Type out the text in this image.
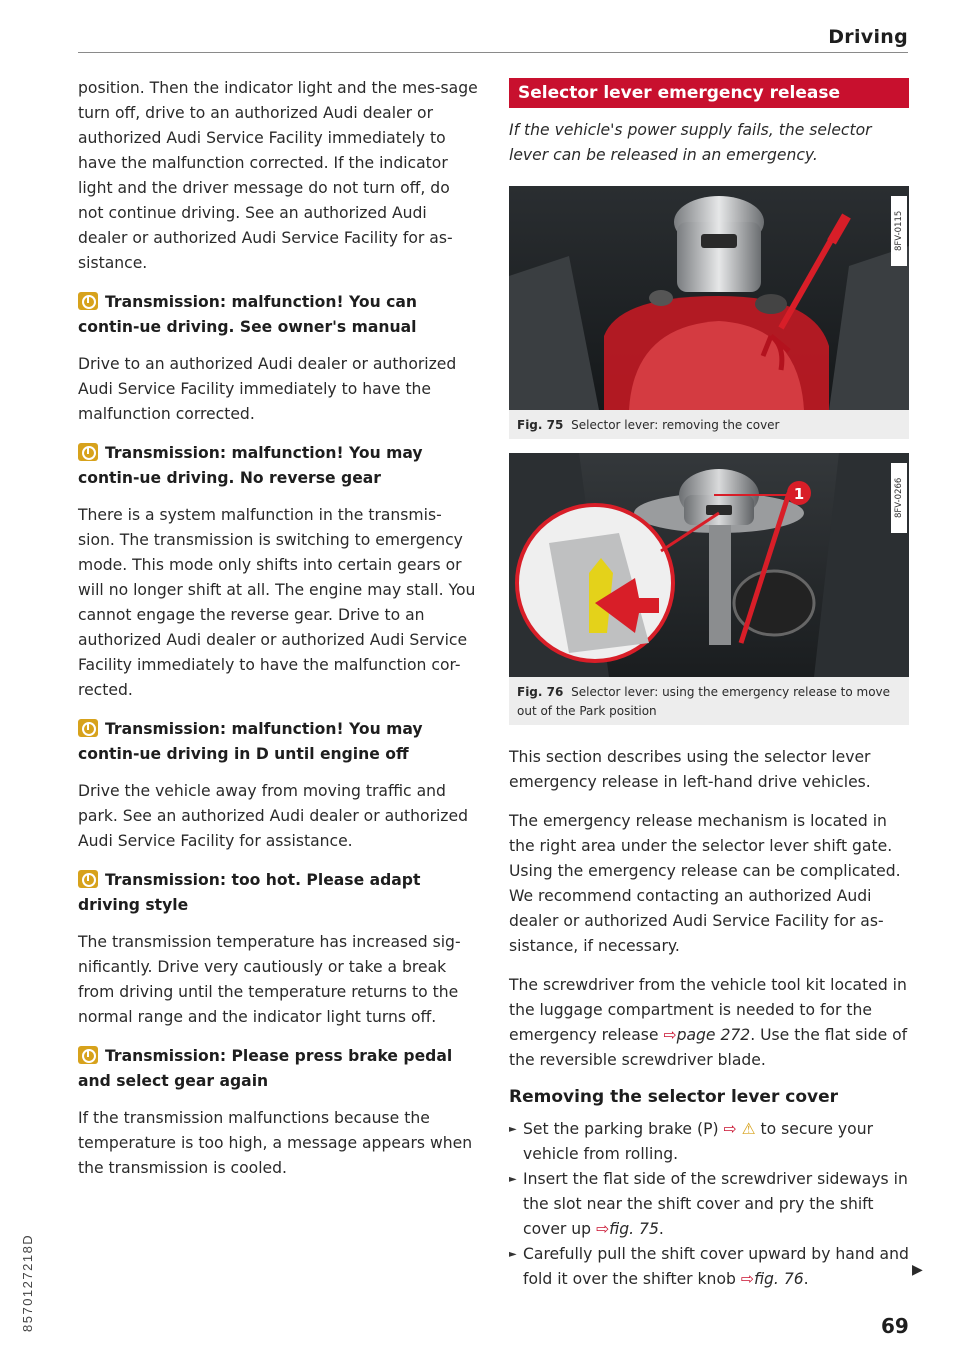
Driving

position. Then the indicator light and the mes-sage turn off, drive to an authorized Audi dealer or authorized Audi Service Facility immediately to have the malfunction corrected. If the indicator light and the driver message do not turn off, do not continue driving. See an authorized Audi dealer or authorized Audi Service Facility for as-sistance.

Transmission: malfunction! You can contin-ue driving. See owner's manual

Drive to an authorized Audi dealer or authorized Audi Service Facility immediately to have the malfunction corrected.

Transmission: malfunction! You may contin-ue driving. No reverse gear

There is a system malfunction in the transmis-sion. The transmission is switching to emergency mode. This mode only shifts into certain gears or will no longer shift at all. The engine may stall. You cannot engage the reverse gear. Drive to an authorized Audi dealer or authorized Audi Service Facility immediately to have the malfunction cor-rected.

Transmission: malfunction! You may contin-ue driving in D until engine off

Drive the vehicle away from moving traffic and park. See an authorized Audi dealer or authorized Audi Service Facility for assistance.

Transmission: too hot. Please adapt driving style

The transmission temperature has increased sig-nificantly. Drive very cautiously or take a break from driving until the temperature returns to the normal range and the indicator light turns off.

Transmission: Please press brake pedal and select gear again

If the transmission malfunctions because the temperature is too high, a message appears when the transmission is cooled.

Selector lever emergency release

If the vehicle's power supply fails, the selector lever can be released in an emergency.

8FV-0115
Fig. 75 Selector lever: removing the cover
1	8FV-0266
Fig. 76 Selector lever: using the emergency release to move out of the Park position

This section describes using the selector lever emergency release in left-hand drive vehicles.

The emergency release mechanism is located in the right area under the selector lever shift gate. Using the emergency release can be complicated. We recommend contacting an authorized Audi dealer or authorized Audi Service Facility for as-sistance, if necessary.

The screwdriver from the vehicle tool kit located in the luggage compartment is needed to for the emergency release ⇨page 272. Use the flat side of the reversible screwdriver blade.

Removing the selector lever cover
► Set the parking brake (P) ⇨ ⚠ to secure your vehicle from rolling.
► Insert the flat side of the screwdriver sideways in the slot near the shift cover and pry the shift cover up ⇨fig. 75.
► Carefully pull the shift cover upward by hand and fold it over the shifter knob ⇨fig. 76.	▶
69
8570127218D
